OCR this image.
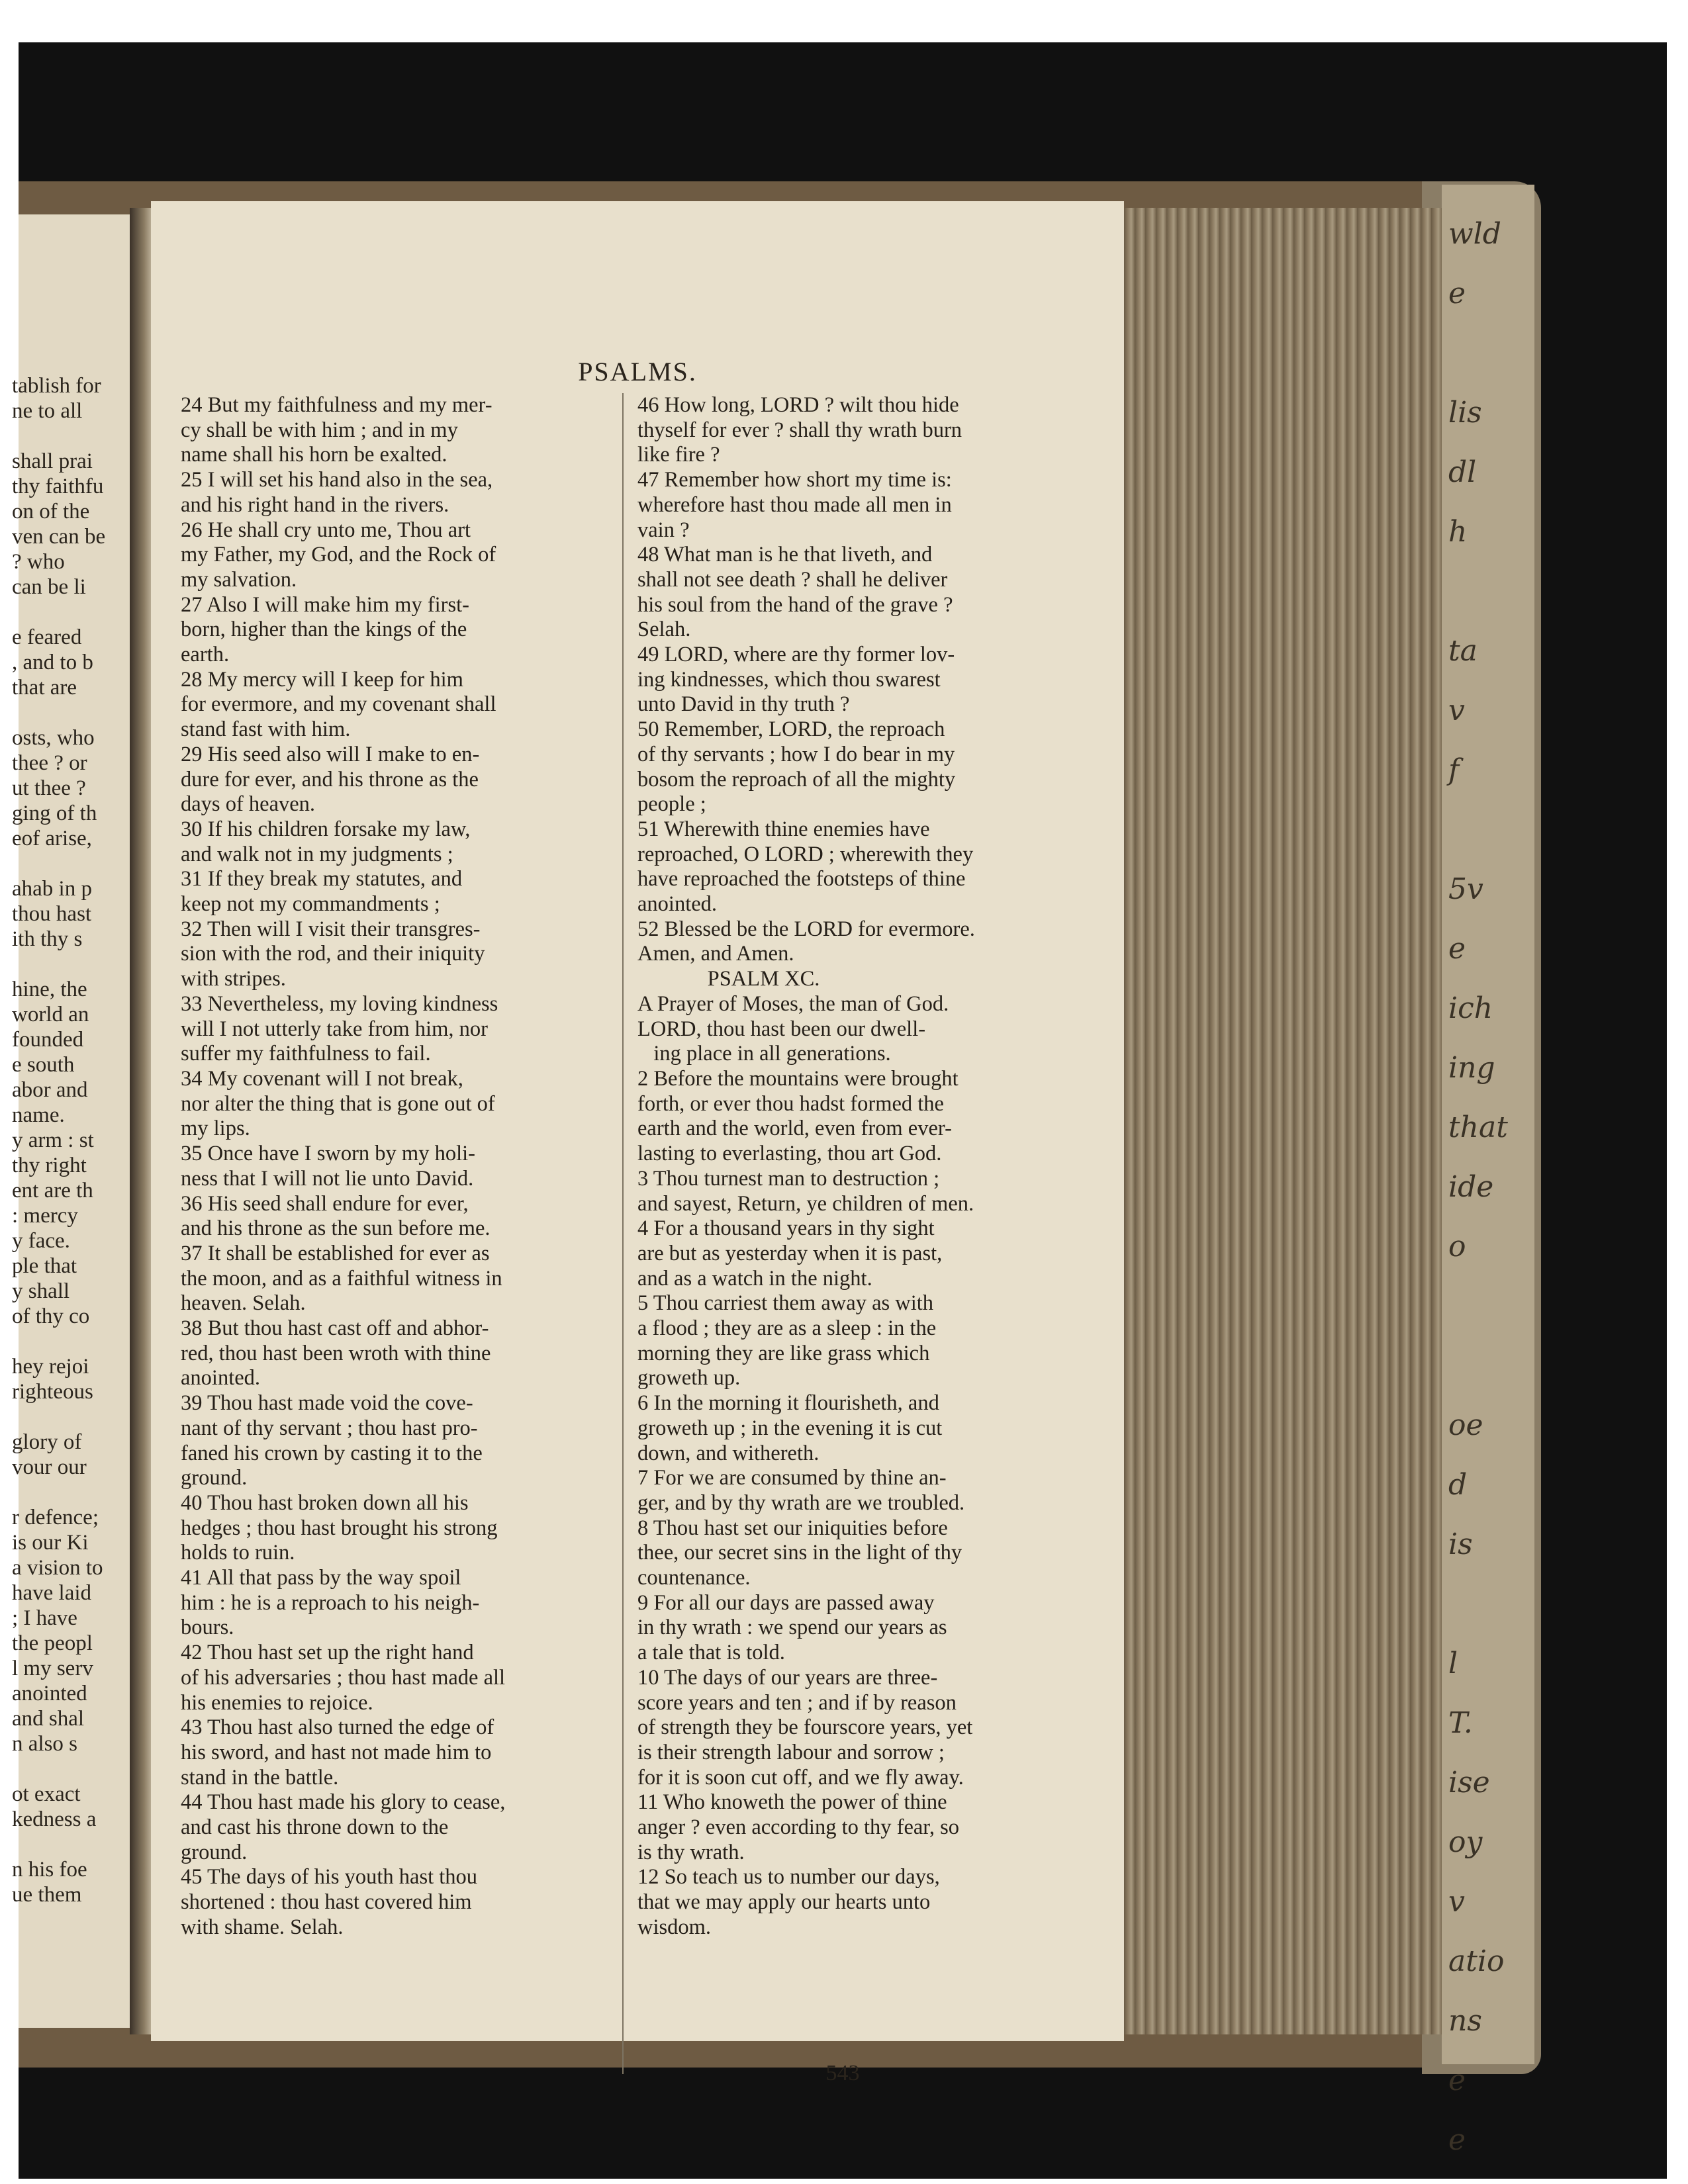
tablish for
ne to all

shall prai
thy faithfu
on of the
ven can be
? who
can be li

e feared
, and to b
that are

osts, who
thee ? or
ut thee ?
ging of th
eof arise,

ahab in p
thou hast
ith thy s

hine, the
world an
founded
e south
abor and
name.
y arm : st
thy right
ent are th
: mercy
y face.
ple that
y shall
of thy co

hey rejoi
righteous

glory of
vour our

r defence;
is our Ki
a vision to
have laid
; I have
the peopl
l my serv
anointed
and shal
n also s

ot exact
kedness a

n his foe
ue them
PSALMS.
24 But my faithfulness and my mer-
cy shall be with him ; and in my
name shall his horn be exalted.
25 I will set his hand also in the sea,
and his right hand in the rivers.
26 He shall cry unto me, Thou art
my Father, my God, and the Rock of
my salvation.
27 Also I will make him my first-
born, higher than the kings of the
earth.
28 My mercy will I keep for him
for evermore, and my covenant shall
stand fast with him.
29 His seed also will I make to en-
dure for ever, and his throne as the
days of heaven.
30 If his children forsake my law,
and walk not in my judgments ;
31 If they break my statutes, and
keep not my commandments ;
32 Then will I visit their transgres-
sion with the rod, and their iniquity
with stripes.
33 Nevertheless, my loving kindness
will I not utterly take from him, nor
suffer my faithfulness to fail.
34 My covenant will I not break,
nor alter the thing that is gone out of
my lips.
35 Once have I sworn by my holi-
ness that I will not lie unto David.
36 His seed shall endure for ever,
and his throne as the sun before me.
37 It shall be established for ever as
the moon, and as a faithful witness in
heaven. Selah.
38 But thou hast cast off and abhor-
red, thou hast been wroth with thine
anointed.
39 Thou hast made void the cove-
nant of thy servant ; thou hast pro-
faned his crown by casting it to the
ground.
40 Thou hast broken down all his
hedges ; thou hast brought his strong
holds to ruin.
41 All that pass by the way spoil
him : he is a reproach to his neigh-
bours.
42 Thou hast set up the right hand
of his adversaries ; thou hast made all
his enemies to rejoice.
43 Thou hast also turned the edge of
his sword, and hast not made him to
stand in the battle.
44 Thou hast made his glory to cease,
and cast his throne down to the
ground.
45 The days of his youth hast thou
shortened : thou hast covered him
with shame. Selah.
46 How long, LORD ? wilt thou hide
thyself for ever ? shall thy wrath burn
like fire ?
47 Remember how short my time is:
wherefore hast thou made all men in
vain ?
48 What man is he that liveth, and
shall not see death ? shall he deliver
his soul from the hand of the grave ?
Selah.
49 LORD, where are thy former lov-
ing kindnesses, which thou swarest
unto David in thy truth ?
50 Remember, LORD, the reproach
of thy servants ; how I do bear in my
bosom the reproach of all the mighty
people ;
51 Wherewith thine enemies have
reproached, O LORD ; wherewith they
have reproached the footsteps of thine
anointed.
52 Blessed be the LORD for evermore.
Amen, and Amen.
PSALM XC.
A Prayer of Moses, the man of God.
LORD, thou hast been our dwell-
ing place in all generations.
2 Before the mountains were brought
forth, or ever thou hadst formed the
earth and the world, even from ever-
lasting to everlasting, thou art God.
3 Thou turnest man to destruction ;
and sayest, Return, ye children of men.
4 For a thousand years in thy sight
are but as yesterday when it is past,
and as a watch in the night.
5 Thou carriest them away as with
a flood ; they are as a sleep : in the
morning they are like grass which
groweth up.
6 In the morning it flourisheth, and
groweth up ; in the evening it is cut
down, and withereth.
7 For we are consumed by thine an-
ger, and by thy wrath are we troubled.
8 Thou hast set our iniquities before
thee, our secret sins in the light of thy
countenance.
9 For all our days are passed away
in thy wrath : we spend our years as
a tale that is told.
10 The days of our years are three-
score years and ten ; and if by reason
of strength they be fourscore years, yet
is their strength labour and sorrow ;
for it is soon cut off, and we fly away.
11 Who knoweth the power of thine
anger ? even according to thy fear, so
is thy wrath.
12 So teach us to number our days,
that we may apply our hearts unto
wisdom.
543
wld
e

lis
dl
h

ta
v
f

5v
e
ich
ing
that
ide
o

oe
d
is

l
T.
ise
oy
v
atio
ns
e
e
